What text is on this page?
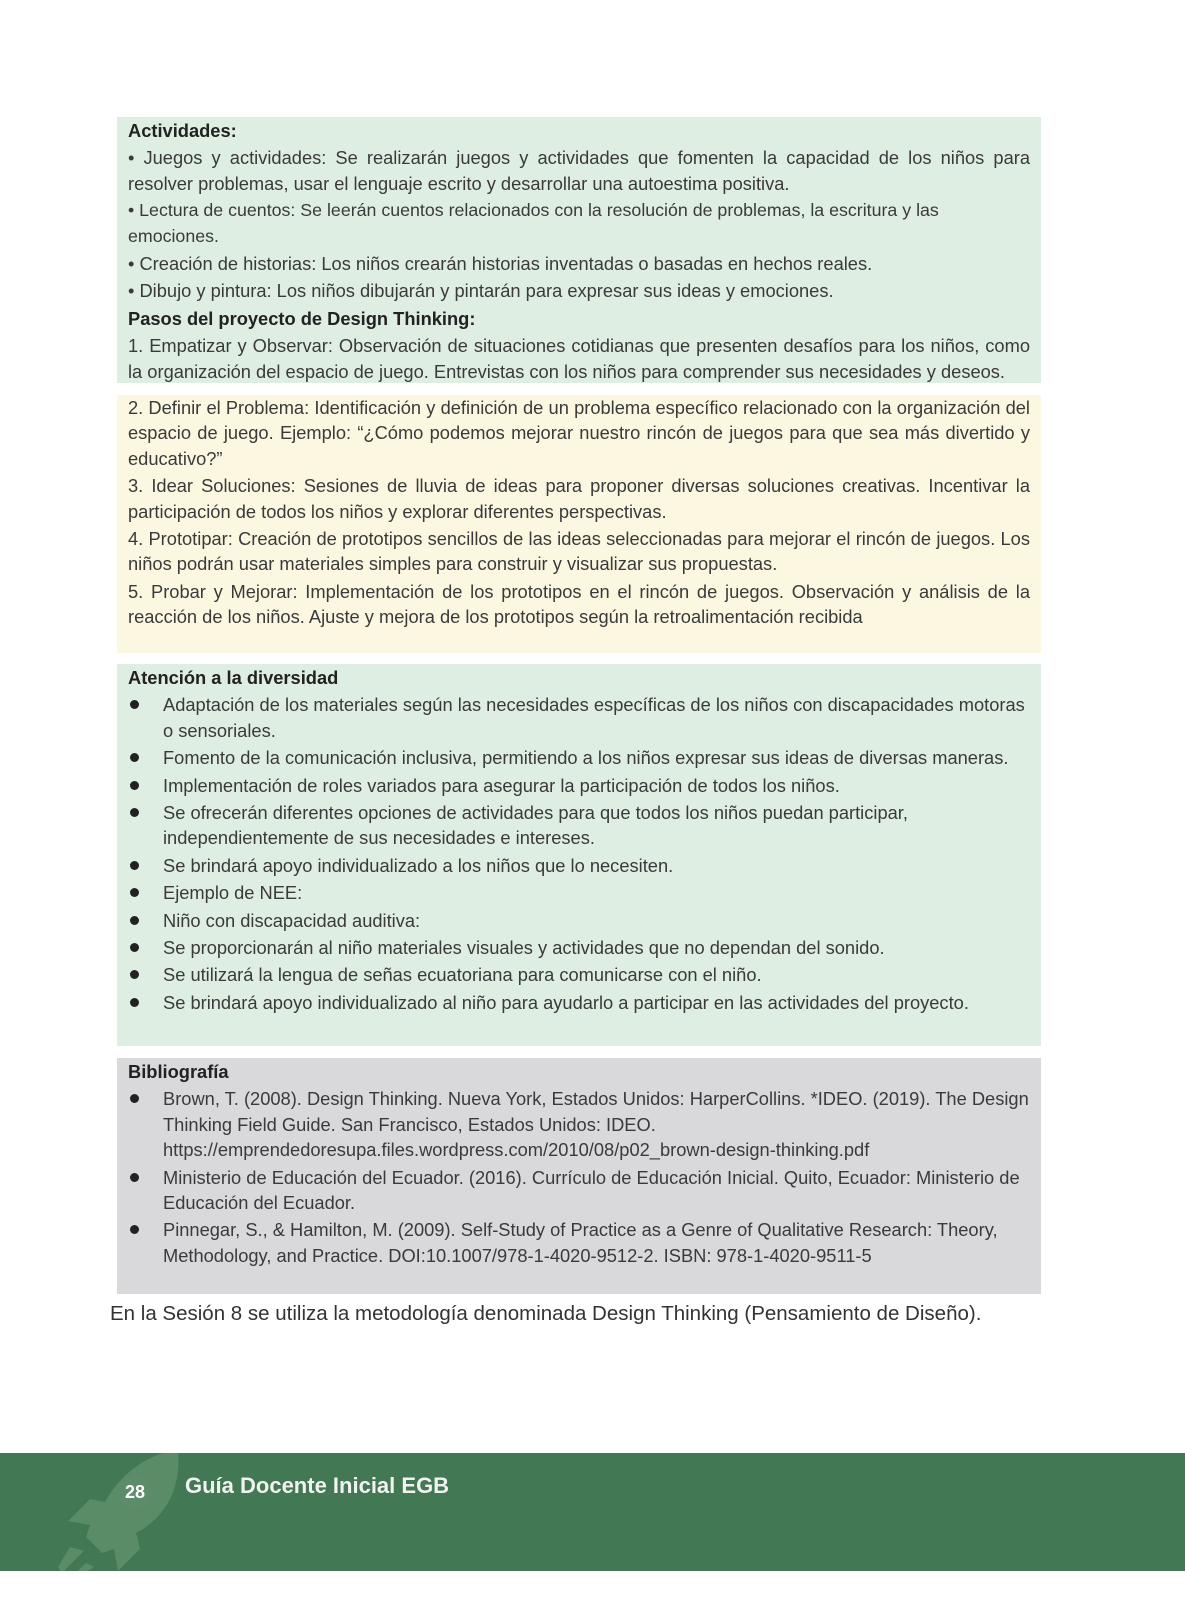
Actividades:

• Juegos y actividades: Se realizarán juegos y actividades que fomenten la capacidad de los niños para resolver problemas, usar el lenguaje escrito y desarrollar una autoestima positiva.

• Lectura de cuentos: Se leerán cuentos relacionados con la resolución de problemas, la escritura y las emociones.

• Creación de historias: Los niños crearán historias inventadas o basadas en hechos reales.

• Dibujo y pintura: Los niños dibujarán y pintarán para expresar sus ideas y emociones.

Pasos del proyecto de Design Thinking:

1. Empatizar y Observar: Observación de situaciones cotidianas que presenten desafíos para los niños, como la organización del espacio de juego. Entrevistas con los niños para comprender sus necesidades y deseos.

2. Definir el Problema: Identificación y definición de un problema específico relacionado con la organización del espacio de juego. Ejemplo: “¿Cómo podemos mejorar nuestro rincón de juegos para que sea más divertido y educativo?”

3. Idear Soluciones: Sesiones de lluvia de ideas para proponer diversas soluciones creativas. Incentivar la participación de todos los niños y explorar diferentes perspectivas.

4. Prototipar: Creación de prototipos sencillos de las ideas seleccionadas para mejorar el rincón de juegos. Los niños podrán usar materiales simples para construir y visualizar sus propuestas.

5. Probar y Mejorar: Implementación de los prototipos en el rincón de juegos. Observación y análisis de la reacción de los niños. Ajuste y mejora de los prototipos según la retroalimentación recibida

Atención a la diversidad

Adaptación de los materiales según las necesidades específicas de los niños con discapacidades motoras o sensoriales.
Fomento de la comunicación inclusiva, permitiendo a los niños expresar sus ideas de diversas maneras.
Implementación de roles variados para asegurar la participación de todos los niños.
Se ofrecerán diferentes opciones de actividades para que todos los niños puedan participar, independientemente de sus necesidades e intereses.
Se brindará apoyo individualizado a los niños que lo necesiten.
Ejemplo de NEE:
Niño con discapacidad auditiva:
Se proporcionarán al niño materiales visuales y actividades que no dependan del sonido.
Se utilizará la lengua de señas ecuatoriana para comunicarse con el niño.
Se brindará apoyo individualizado al niño para ayudarlo a participar en las actividades del proyecto.

Bibliografía

Brown, T. (2008). Design Thinking. Nueva York, Estados Unidos: HarperCollins. *IDEO. (2019). The Design Thinking Field Guide. San Francisco, Estados Unidos: IDEO. https://emprendedoresupa.files.wordpress.com/2010/08/p02_brown-design-thinking.pdf
Ministerio de Educación del Ecuador. (2016). Currículo de Educación Inicial. Quito, Ecuador: Ministerio de Educación del Ecuador.
Pinnegar, S., & Hamilton, M. (2009). Self-Study of Practice as a Genre of Qualitative Research: Theory, Methodology, and Practice. DOI:10.1007/978-1-4020-9512-2. ISBN: 978-1-4020-9511-5
En la Sesión 8 se utiliza la metodología denominada Design Thinking (Pensamiento de Diseño).
28	Guía Docente Inicial EGB
